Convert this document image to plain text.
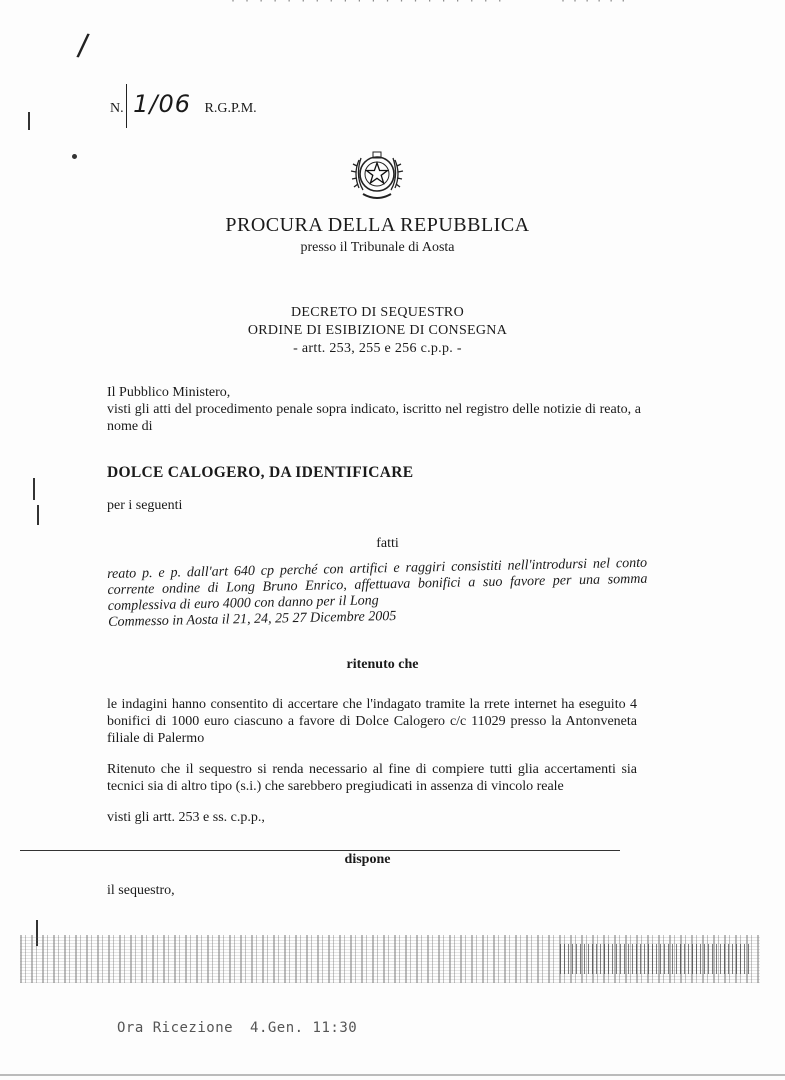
· · · · · · · · · · · · · · · · · · · ·	· · · · · ·
/
N. 1/06 R.G.P.M.
PROCURA DELLA REPUBBLICA
presso il Tribunale di Aosta
DECRETO DI SEQUESTRO
ORDINE DI ESIBIZIONE DI CONSEGNA
- artt. 253, 255 e 256 c.p.p. -
Il Pubblico Ministero,
visti gli atti del procedimento penale sopra indicato, iscritto nel registro delle notizie di reato, a nome di
DOLCE CALOGERO, DA IDENTIFICARE
per i seguenti
fatti
reato p. e p. dall'art 640 cp perché con artifici e raggiri consistiti nell'introdursi nel conto corrente ondine di Long Bruno Enrico, affettuava bonifici a suo favore per una somma complessiva di euro 4000 con danno per il Long
Commesso in Aosta il 21, 24, 25 27 Dicembre 2005
ritenuto che
le indagini hanno consentito di accertare che l'indagato tramite la rrete internet ha eseguito 4 bonifici di 1000 euro ciascuno a favore di Dolce Calogero c/c 11029 presso la Antonveneta filiale di Palermo
Ritenuto che il sequestro si renda necessario al fine di compiere tutti glia accertamenti sia tecnici sia di altro tipo (s.i.) che sarebbero pregiudicati in assenza di vincolo reale
visti gli artt. 253 e ss. c.p.p.,
dispone
il sequestro,
Ora Ricezione 4.Gen. 11:30
